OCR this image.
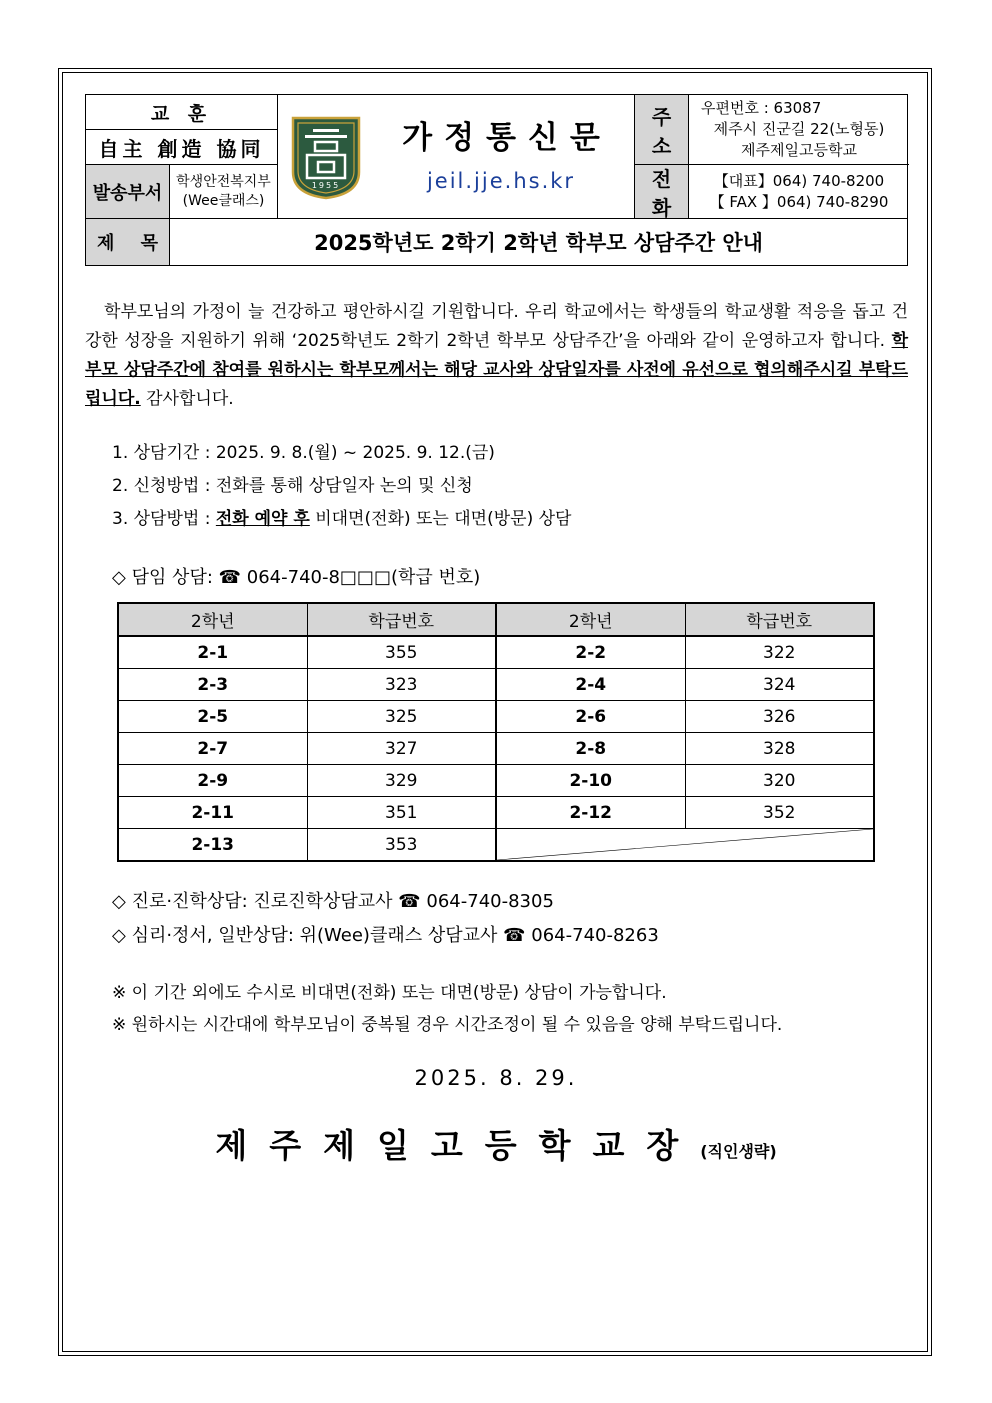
교 훈
自主 創造 協同
발송부서
학생안전복지부
(Wee클래스)
주 소
우편번호 : 63087
제주시 진군길 22(노형동)
제주제일고등학교
전 화
【대표】064) 740-8200
【 FAX 】064) 740-8290
제 목	2025학년도 2학기 2학년 학부모 상담주간 안내
1955
가정통신문
jeil.jje.hs.kr
학부모님의 가정이 늘 건강하고 평안하시길 기원합니다. 우리 학교에서는 학생들의 학교생활 적응을 돕고 건강한 성장을 지원하기 위해 ‘2025학년도 2학기 2학년 학부모 상담주간’을 아래와 같이 운영하고자 합니다. 학부모 상담주간에 참여를 원하시는 학부모께서는 해당 교사와 상담일자를 사전에 유선으로 협의해주시길 부탁드립니다. 감사합니다.
1. 상담기간 : 2025. 9. 8.(월) ~ 2025. 9. 12.(금)
2. 신청방법 : 전화를 통해 상담일자 논의 및 신청
3. 상담방법 : 전화 예약 후 비대면(전화) 또는 대면(방문) 상담
◇ 담임 상담: ☎ 064-740-8□□□(학급 번호)
2학년	학급번호	2학년	학급번호
2-1	355	2-2	322
2-3	323	2-4	324
2-5	325	2-6	326
2-7	327	2-8	328
2-9	329	2-10	320
2-11	351	2-12	352
2-13	353	
◇ 진로·진학상담: 진로진학상담교사 ☎ 064-740-8305
◇ 심리·정서, 일반상담: 위(Wee)클래스 상담교사 ☎ 064-740-8263
※ 이 기간 외에도 수시로 비대면(전화) 또는 대면(방문) 상담이 가능합니다.
※ 원하시는 시간대에 학부모님이 중복될 경우 시간조정이 될 수 있음을 양해 부탁드립니다.
2025. 8. 29.
제주제일고등학교장(직인생략)
